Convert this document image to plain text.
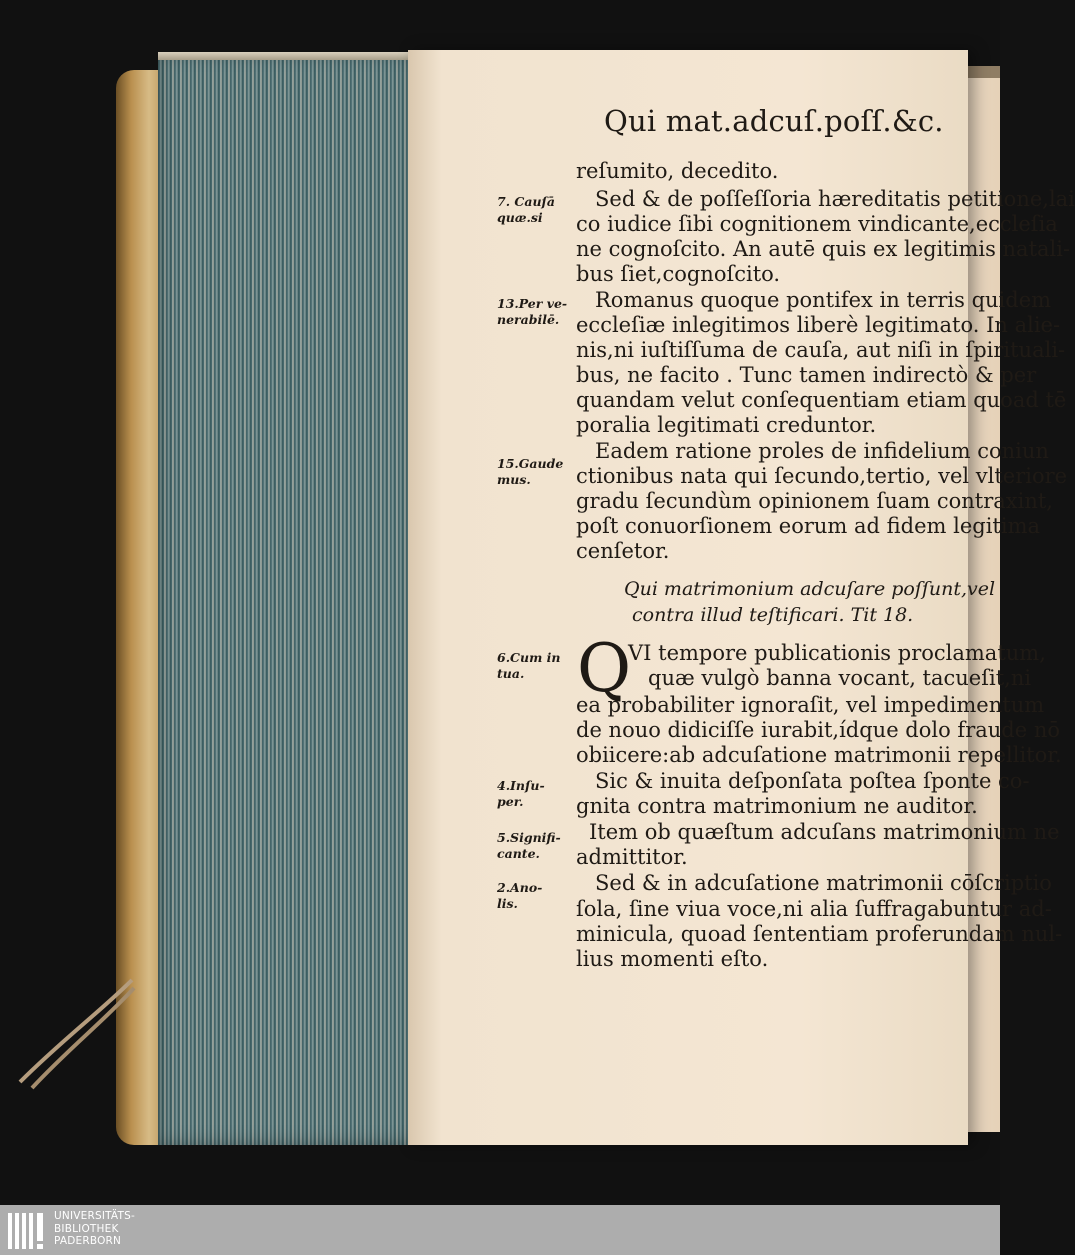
Qui mat.adcuſ.poſſ.&c.
reſumito, decedito.
Sed & de poſſeſſoria hæreditatis petitione,lai
co iudice ſibi cognitionem vindicante,eccleſia
ne cognoſcito. An autē quis ex legitimis natali-
bus ſiet,cognoſcito.
Romanus quoque pontifex in terris quidem
eccleſiæ inlegitimos liberè legitimato. In alie-
nis,ni iuſtiſſuma de cauſa, aut niſi in ſpirituali-
bus, ne facito . Tunc tamen indirectò & per
quandam velut conſequentiam etiam quoad tē
poralia legitimati creduntor.
Eadem ratione proles de infidelium coniun
ctionibus nata qui ſecundo,tertio, vel vlteriore
gradu ſecundùm opinionem ſuam contraxint,
poſt conuorſionem eorum ad fidem legitima
cenſetor.
Qui matrimonium adcuſare poſſunt,vel
contra illud teſtificari. Tit 18.
Q
VI tempore publicationis proclamatum,
quæ vulgò banna vocant, tacueſit,ni
ea probabiliter ignoraſit, vel impedimentum
de nouo didiciſſe iurabit,ídque dolo fraude nō
obiicere:ab adcuſatione matrimonii repellitor.
Sic & inuita deſponſata poſtea ſponte co-
gnita contra matrimonium ne auditor.
Item ob quæſtum adcuſans matrimonium ne
admittitor.
Sed & in adcuſatione matrimonii cōſcriptio
ſola, ſine viua voce,ni alia ſuffragabuntur ad-
minicula, quoad ſententiam proferundam nul-
lius momenti eſto.
7. Cauſā
quæ.si
13.Per ve-
nerabilē.
15.Gaude
mus.
6.Cum in
tua.
4.Inſu-
per.
5.Signifi-
cante.
2.Ano-
lis.
UNIVERSITÄTS-
BIBLIOTHEK
PADERBORN
